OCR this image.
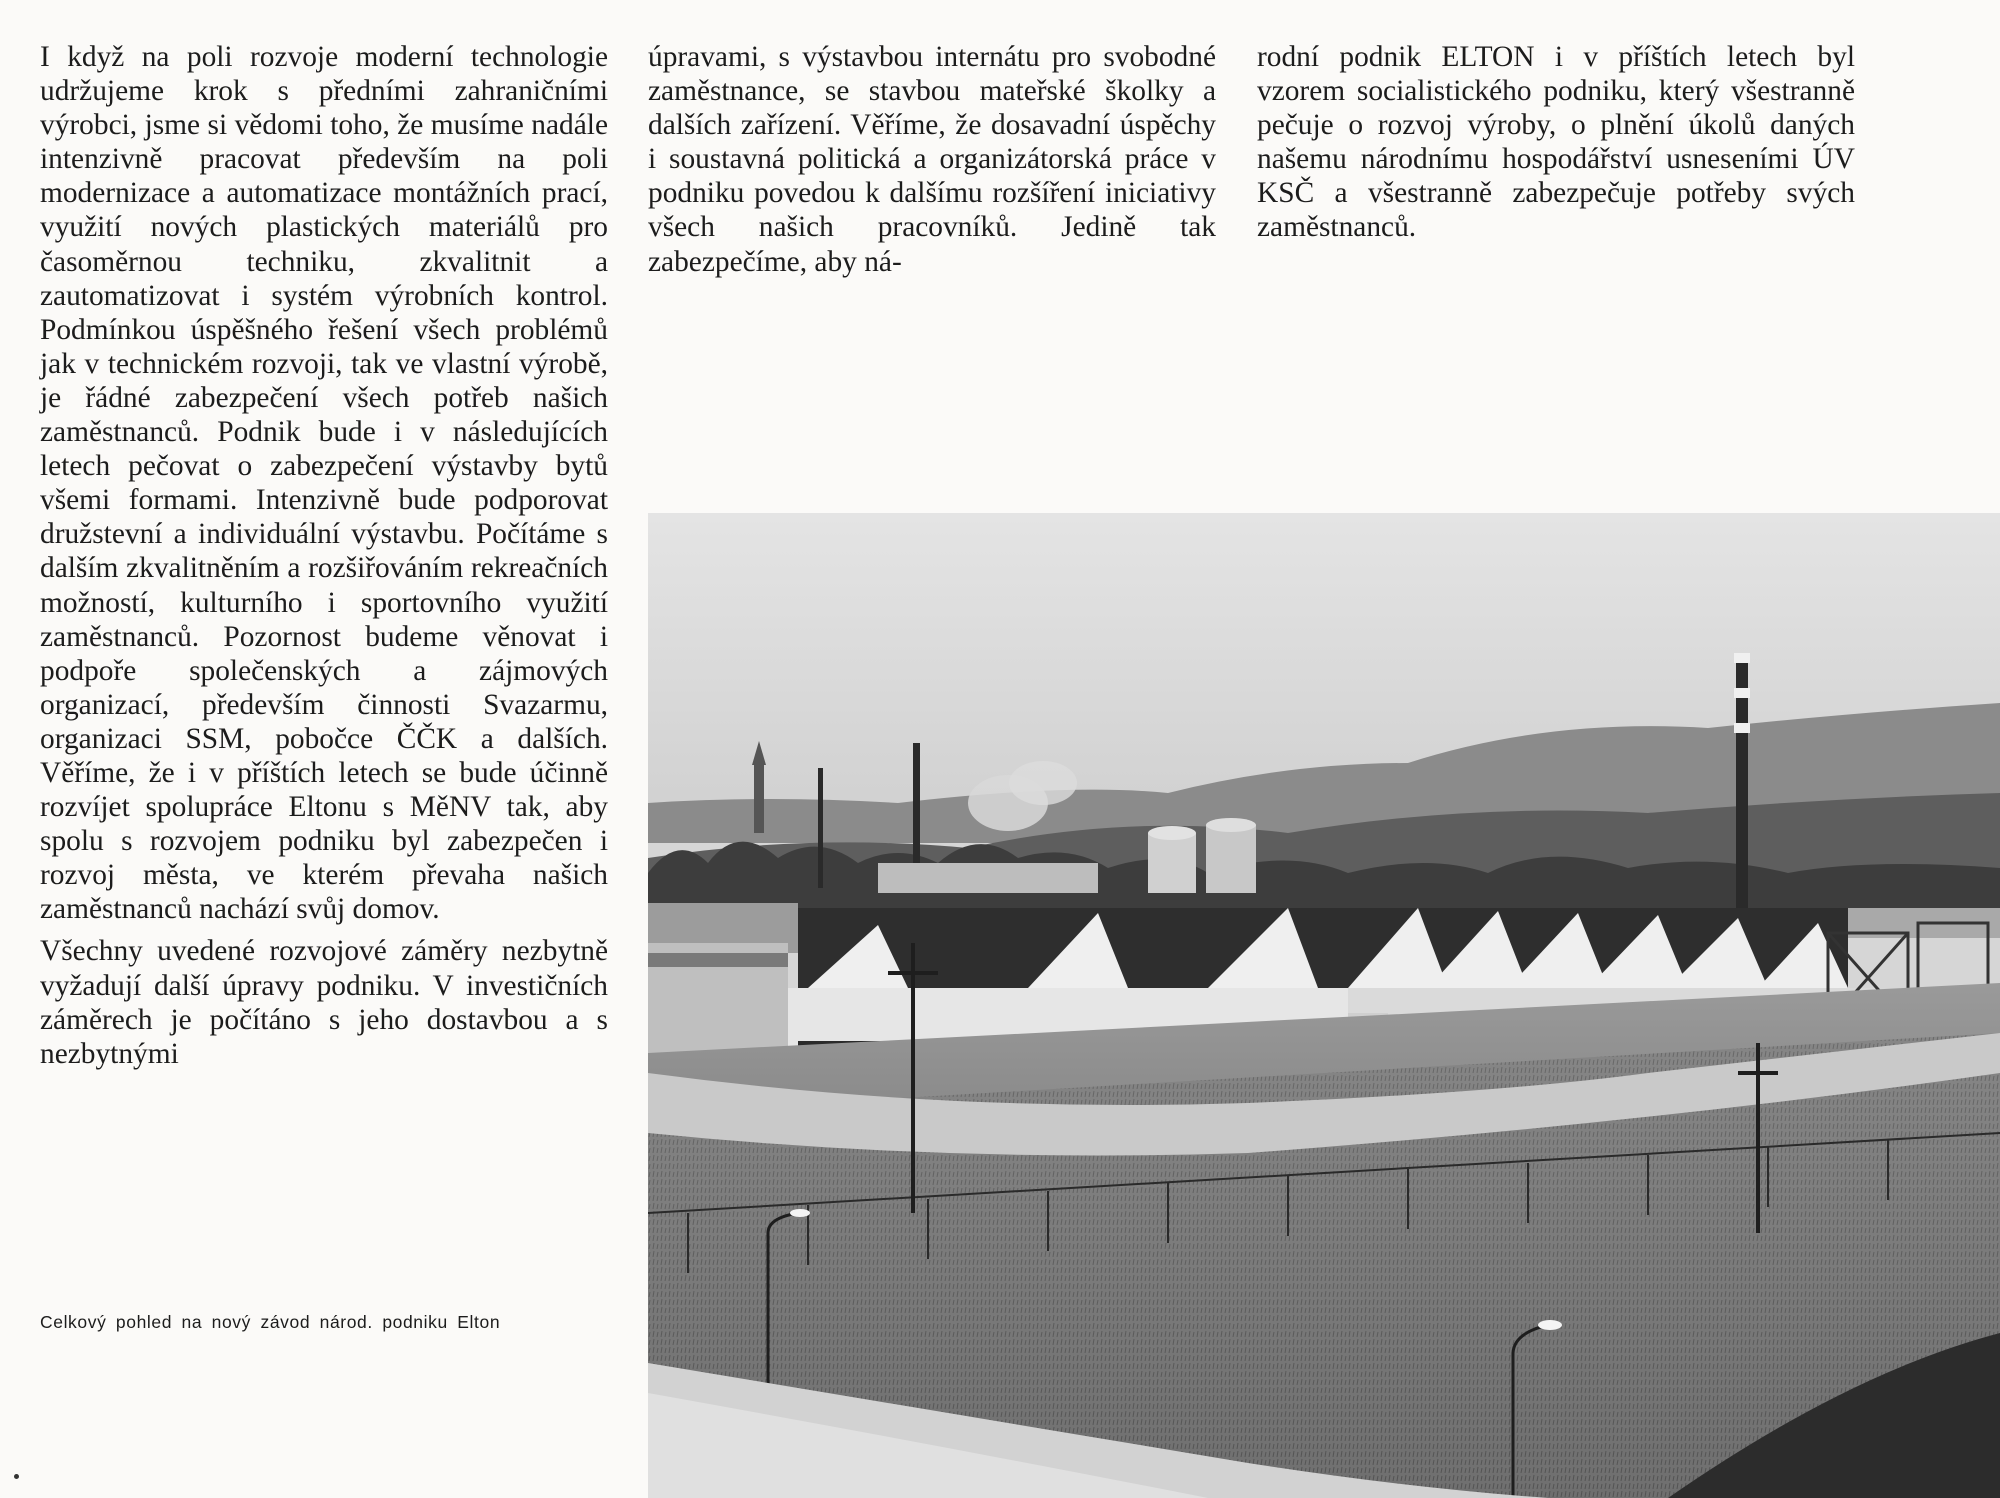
I když na poli rozvoje moderní technologie udržujeme krok s předními zahraničními výrobci, jsme si vědomi toho, že musíme nadále intenzivně pracovat především na poli modernizace a automatizace montážních prací, využití nových plastických materiálů pro časoměrnou techniku, zkvalitnit a zautomatizovat i systém výrobních kontrol. Podmínkou úspěšného řešení všech problémů jak v technickém rozvoji, tak ve vlastní výrobě, je řádné zabezpečení všech potřeb našich zaměstnanců. Podnik bude i v následujících letech pečovat o zabezpečení výstavby bytů všemi formami. Intenzivně bude podporovat družstevní a individuální výstavbu. Počítáme s dalším zkvalitněním a rozšiřováním rekreačních možností, kulturního i sportovního využití zaměstnanců. Pozornost budeme věnovat i podpoře společenských a zájmových organizací, především činnosti Svazarmu, organizaci SSM, pobočce ČČK a dalších. Věříme, že i v příštích letech se bude účinně rozvíjet spolupráce Eltonu s MěNV tak, aby spolu s rozvojem podniku byl zabezpečen i rozvoj města, ve kterém převaha našich zaměstnanců nachází svůj domov.

Všechny uvedené rozvojové záměry nezbytně vyžadují další úpravy podniku. V investičních záměrech je počítáno s jeho dostavbou a s nezbytnými

úpravami, s výstavbou internátu pro svobodné zaměstnance, se stavbou mateřské školky a dalších zařízení. Věříme, že dosavadní úspěchy i soustavná politická a organizátorská práce v podniku povedou k dalšímu rozšíření iniciativy všech našich pracovníků. Jedině tak zabezpečíme, aby ná-

rodní podnik ELTON i v příštích letech byl vzorem socialistického podniku, který všestranně pečuje o rozvoj výroby, o plnění úkolů daných našemu národnímu hospodářství usneseními ÚV KSČ a všestranně zabezpečuje potřeby svých zaměstnanců.

Celkový pohled na nový závod národ. podniku Elton
